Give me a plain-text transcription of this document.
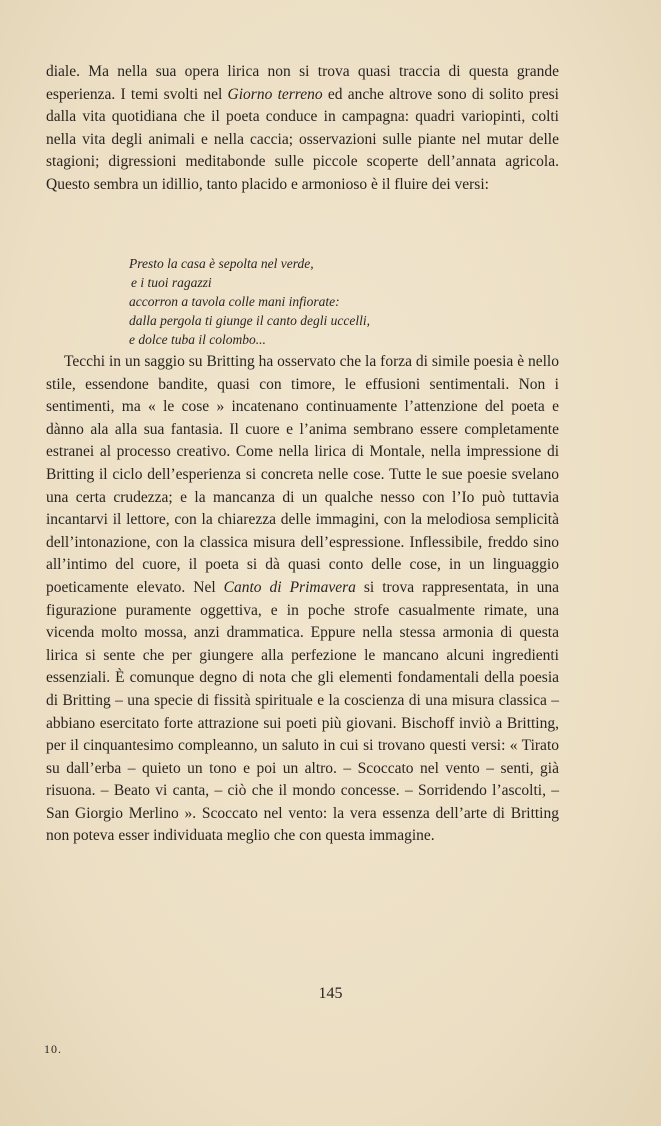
diale. Ma nella sua opera lirica non si trova quasi traccia di questa grande esperienza. I temi svolti nel Giorno terreno ed anche altrove sono di solito presi dalla vita quotidiana che il poeta conduce in campagna: quadri variopinti, colti nella vita degli animali e nella caccia; osservazioni sulle piante nel mutar delle stagioni; digressioni meditabonde sulle piccole scoperte dell’annata agricola. Questo sembra un idillio, tanto placido e armonioso è il fluire dei versi:

Presto la casa è sepolta nel verde,
e i tuoi ragazzi
accorron a tavola colle mani infiorate:
dalla pergola ti giunge il canto degli uccelli,
e dolce tuba il colombo...

Tecchi in un saggio su Britting ha osservato che la forza di simile poesia è nello stile, essendone bandite, quasi con timore, le effusioni sentimentali. Non i sentimenti, ma « le cose » incatenano continuamente l’attenzione del poeta e dànno ala alla sua fantasia. Il cuore e l’anima sembrano essere completamente estranei al processo creativo. Come nella lirica di Montale, nella impressione di Britting il ciclo dell’esperienza si concreta nelle cose. Tutte le sue poesie svelano una certa crudezza; e la mancanza di un qualche nesso con l’Io può tuttavia incantarvi il lettore, con la chiarezza delle immagini, con la melodiosa semplicità dell’intonazione, con la classica misura dell’espressione. Inflessibile, freddo sino all’intimo del cuore, il poeta si dà quasi conto delle cose, in un linguaggio poeticamente elevato. Nel Canto di Primavera si trova rappresentata, in una figurazione puramente oggettiva, e in poche strofe casualmente rimate, una vicenda molto mossa, anzi drammatica. Eppure nella stessa armonia di questa lirica si sente che per giungere alla perfezione le mancano alcuni ingredienti essenziali. È comunque degno di nota che gli elementi fondamentali della poesia di Britting – una specie di fissità spirituale e la coscienza di una misura classica – abbiano esercitato forte attrazione sui poeti più giovani. Bischoff inviò a Britting, per il cinquantesimo compleanno, un saluto in cui si trovano questi versi: « Tirato su dall’erba – quieto un tono e poi un altro. – Scoccato nel vento – senti, già risuona. – Beato vi canta, – ciò che il mondo concesse. – Sorridendo l’ascolti, – San Giorgio Merlino ». Scoccato nel vento: la vera essenza dell’arte di Britting non poteva esser individuata meglio che con questa immagine.

145
10.
